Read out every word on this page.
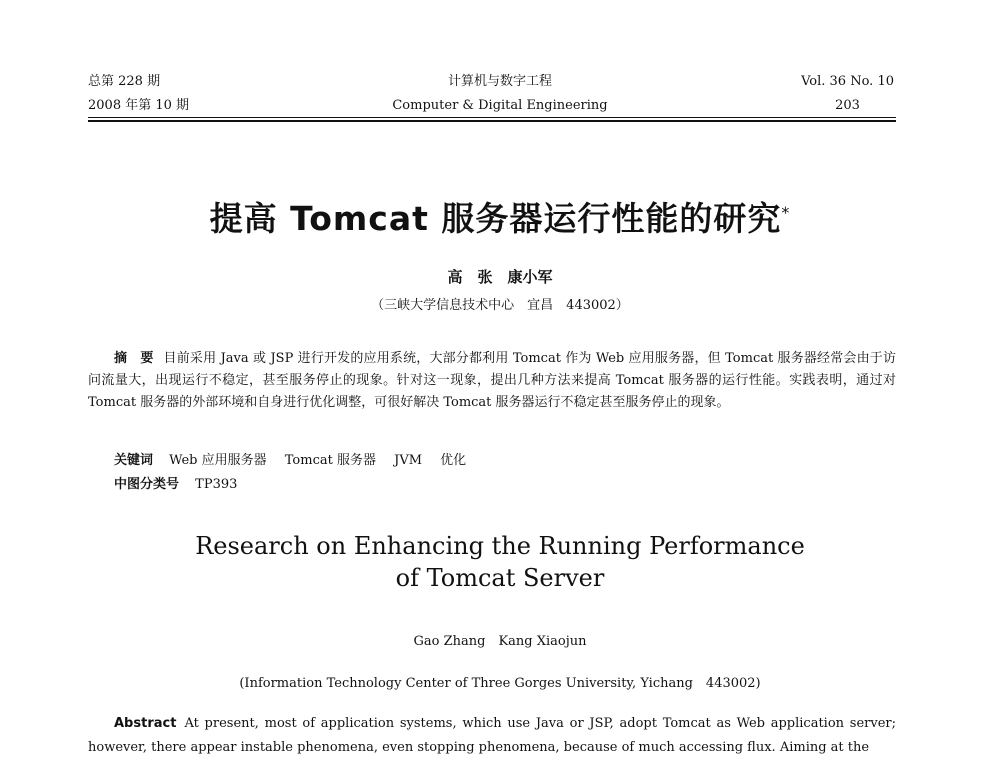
总第 228 期
2008 年第 10 期
计算机与数字工程
Computer & Digital Engineering
Vol. 36 No. 10
203
提高 Tomcat 服务器运行性能的研究*
高　张　康小军
（三峡大学信息技术中心　宜昌　443002）
摘　要 目前采用 Java 或 JSP 进行开发的应用系统，大部分都利用 Tomcat 作为 Web 应用服务器，但 Tomcat 服务器经常会由于访问流量大，出现运行不稳定，甚至服务停止的现象。针对这一现象，提出几种方法来提高 Tomcat 服务器的运行性能。实践表明，通过对 Tomcat 服务器的外部环境和自身进行优化调整，可很好解决 Tomcat 服务器运行不稳定甚至服务停止的现象。
关键词 Web 应用服务器 Tomcat 服务器 JVM 优化
中图分类号 TP393
Research on Enhancing the Running Performance
of Tomcat Server
Gao Zhang　Kang Xiaojun
(Information Technology Center of Three Gorges University, Yichang　443002)
Abstract At present, most of application systems, which use Java or JSP, adopt Tomcat as Web application server; however, there appear instable phenomena, even stopping phenomena, because of much accessing flux. Aiming at the
